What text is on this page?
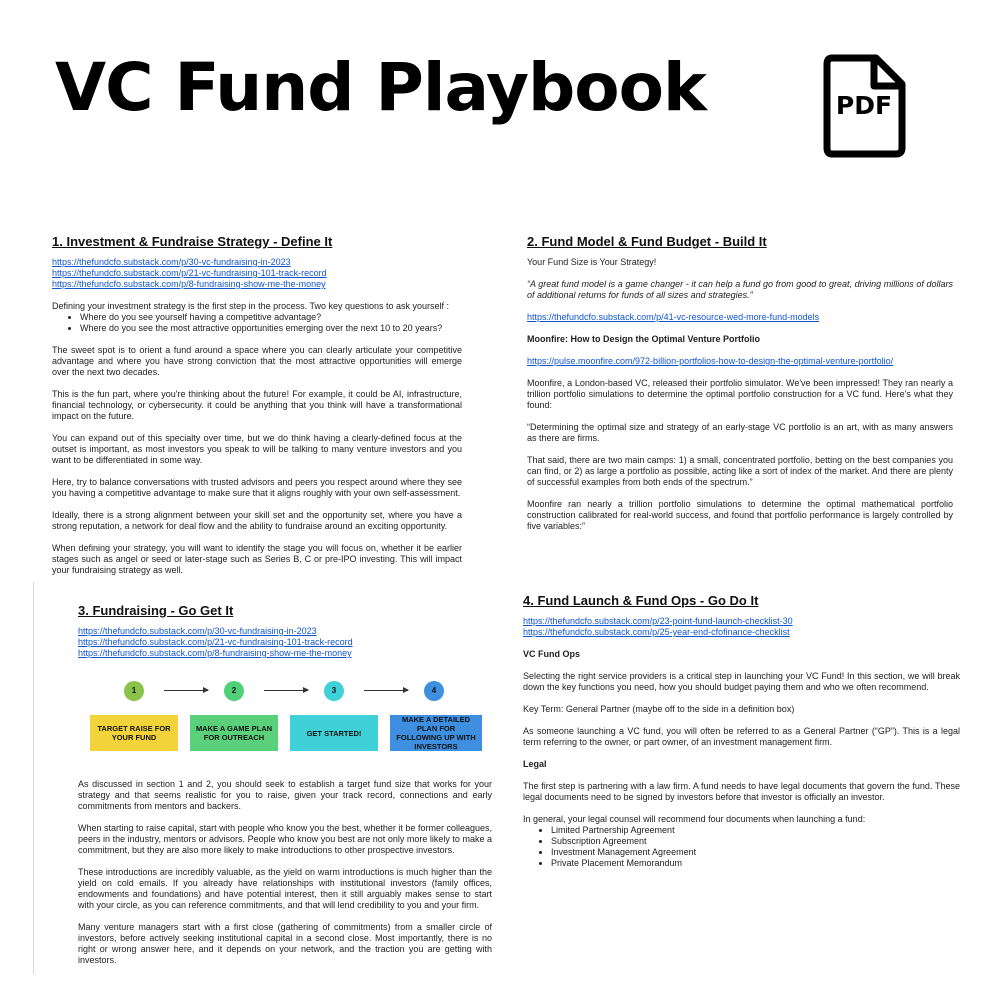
VC Fund Playbook	PDF
1. Investment & Fundraise Strategy - Define It
https://thefundcfo.substack.com/p/30-vc-fundraising-in-2023
https://thefundcfo.substack.com/p/21-vc-fundraising-101-track-record
https://thefundcfo.substack.com/p/8-fundraising-show-me-the-money

Defining your investment strategy is the first step in the process. Two key questions to ask yourself :

• Where do you see yourself having a competitive advantage?
• Where do you see the most attractive opportunities emerging over the next 10 to 20 years?

The sweet spot is to orient a fund around a space where you can clearly articulate your competitive advantage and where you have strong conviction that the most attractive opportunities will emerge over the next two decades.

This is the fun part, where you're thinking about the future! For example, it could be AI, infrastructure, financial technology, or cybersecurity. it could be anything that you think will have a transformational impact on the future.

You can expand out of this specialty over time, but we do think having a clearly-defined focus at the outset is important, as most investors you speak to will be talking to many venture investors and you want to be differentiated in some way.

Here, try to balance conversations with trusted advisors and peers you respect around where they see you having a competitive advantage to make sure that it aligns roughly with your own self-assessment.

Ideally, there is a strong alignment between your skill set and the opportunity set, where you have a strong reputation, a network for deal flow and the ability to fundraise around an exciting opportunity.

When defining your strategy, you will want to identify the stage you will focus on, whether it be earlier stages such as angel or seed or later-stage such as Series B, C or pre-IPO investing. This will impact your fundraising strategy as well.

2. Fund Model & Fund Budget - Build It

Your Fund Size is Your Strategy!

“A great fund model is a game changer - it can help a fund go from good to great, driving millions of dollars of additional returns for funds of all sizes and strategies.”

https://thefundcfo.substack.com/p/41-vc-resource-wed-more-fund-models

Moonfire: How to Design the Optimal Venture Portfolio

https://pulse.moonfire.com/972-billion-portfolios-how-to-design-the-optimal-venture-portfolio/

Moonfire, a London-based VC, released their portfolio simulator. We've been impressed! They ran nearly a trillion portfolio simulations to determine the optimal portfolio construction for a VC fund. Here's what they found:

“Determining the optimal size and strategy of an early-stage VC portfolio is an art, with as many answers as there are firms.

That said, there are two main camps: 1) a small, concentrated portfolio, betting on the best companies you can find, or 2) as large a portfolio as possible, acting like a sort of index of the market. And there are plenty of successful examples from both ends of the spectrum.”

Moonfire ran nearly a trillion portfolio simulations to determine the optimal mathematical portfolio construction calibrated for real-world success, and found that portfolio performance is largely controlled by five variables:”

3. Fundraising - Go Get It
https://thefundcfo.substack.com/p/30-vc-fundraising-in-2023
https://thefundcfo.substack.com/p/21-vc-fundraising-101-track-record
https://thefundcfo.substack.com/p/8-fundraising-show-me-the-money
1	2	3	4
TARGET RAISE FOR YOUR FUND
MAKE A GAME PLAN FOR OUTREACH	GET STARTED!
MAKE A DETAILED PLAN FOR FOLLOWING UP WITH INVESTORS

As discussed in section 1 and 2, you should seek to establish a target fund size that works for your strategy and that seems realistic for you to raise, given your track record, connections and early commitments from mentors and backers.

When starting to raise capital, start with people who know you the best, whether it be former colleagues, peers in the industry, mentors or advisors. People who know you best are not only more likely to make a commitment, but they are also more likely to make introductions to other prospective investors.

These introductions are incredibly valuable, as the yield on warm introductions is much higher than the yield on cold emails. If you already have relationships with institutional investors (family offices, endowments and foundations) and have potential interest, then it still arguably makes sense to start with your circle, as you can reference commitments, and that will lend credibility to you and your firm.

Many venture managers start with a first close (gathering of commitments) from a smaller circle of investors, before actively seeking institutional capital in a second close. Most importantly, there is no right or wrong answer here, and it depends on your network, and the traction you are getting with investors.

4. Fund Launch & Fund Ops - Go Do It
https://thefundcfo.substack.com/p/23-point-fund-launch-checklist-30
https://thefundcfo.substack.com/p/25-year-end-cfofinance-checklist

VC Fund Ops

Selecting the right service providers is a critical step in launching your VC Fund! In this section, we will break down the key functions you need, how you should budget paying them and who we often recommend.

Key Term: General Partner (maybe off to the side in a definition box)

As someone launching a VC fund, you will often be referred to as a General Partner (“GP”). This is a legal term referring to the owner, or part owner, of an investment management firm.

Legal

The first step is partnering with a law firm. A fund needs to have legal documents that govern the fund. These legal documents need to be signed by investors before that investor is officially an investor.

In general, your legal counsel will recommend four documents when launching a fund:

• Limited Partnership Agreement
• Subscription Agreement
• Investment Management Agreement
• Private Placement Memorandum
